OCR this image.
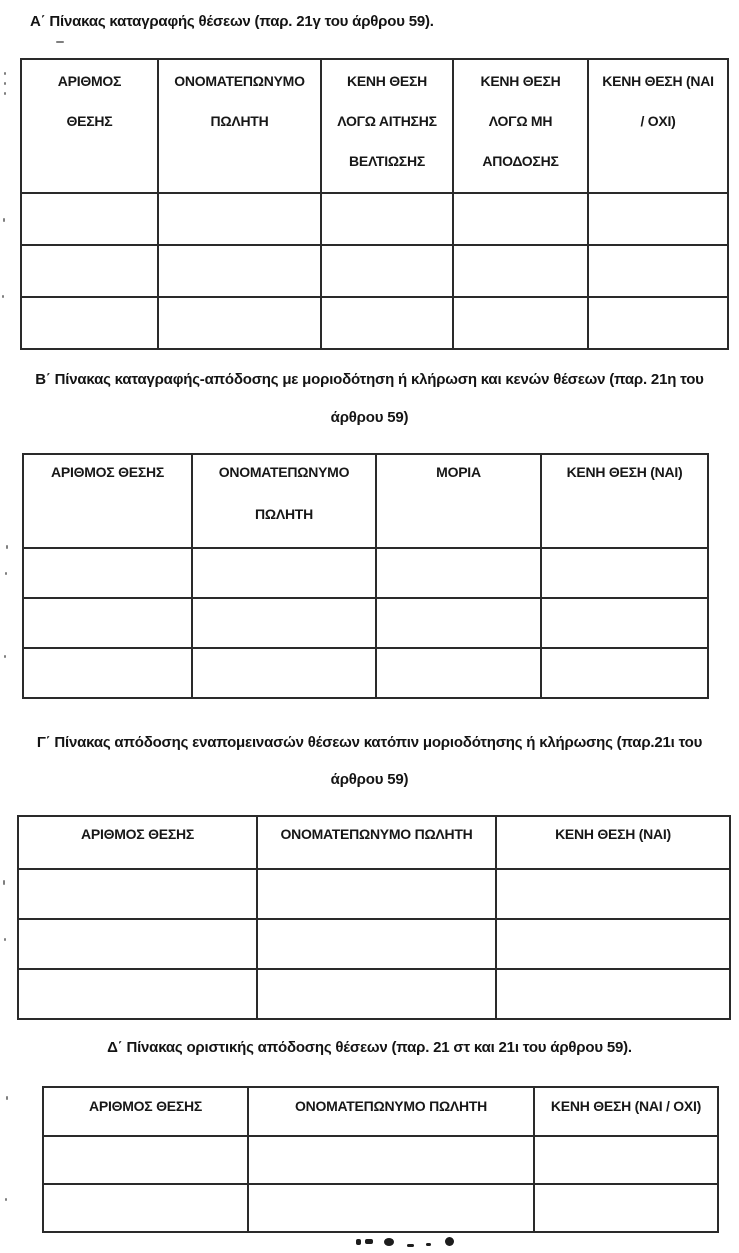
Α΄ Πίνακας καταγραφής θέσεων (παρ. 21γ του άρθρου 59).
ΑΡΙΘΜΟΣ
ΘΕΣΗΣ	ΟΝΟΜΑΤΕΠΩΝΥΜΟ
ΠΩΛΗΤΗ	ΚΕΝΗ ΘΕΣΗ
ΛΟΓΩ ΑΙΤΗΣΗΣ
ΒΕΛΤΙΩΣΗΣ	ΚΕΝΗ ΘΕΣΗ
ΛΟΓΩ ΜΗ
ΑΠΟΔΟΣΗΣ	ΚΕΝΗ ΘΕΣΗ (ΝΑΙ
/ ΟΧΙ)

Β΄ Πίνακας καταγραφής-απόδοσης με μοριοδότηση ή κλήρωση και κενών θέσεων (παρ. 21η του
άρθρου 59)
ΑΡΙΘΜΟΣ ΘΕΣΗΣ	ΟΝΟΜΑΤΕΠΩΝΥΜΟ
ΠΩΛΗΤΗ	ΜΟΡΙΑ	ΚΕΝΗ ΘΕΣΗ (ΝΑΙ)

Γ΄ Πίνακας απόδοσης εναπομεινασών θέσεων κατόπιν μοριοδότησης ή κλήρωσης (παρ.21ι του
άρθρου 59)
ΑΡΙΘΜΟΣ ΘΕΣΗΣ	ΟΝΟΜΑΤΕΠΩΝΥΜΟ ΠΩΛΗΤΗ	ΚΕΝΗ ΘΕΣΗ (ΝΑΙ)

Δ΄ Πίνακας οριστικής απόδοσης θέσεων (παρ. 21 στ και 21ι του άρθρου 59).
ΑΡΙΘΜΟΣ ΘΕΣΗΣ	ΟΝΟΜΑΤΕΠΩΝΥΜΟ ΠΩΛΗΤΗ	ΚΕΝΗ ΘΕΣΗ (ΝΑΙ / ΟΧΙ)
